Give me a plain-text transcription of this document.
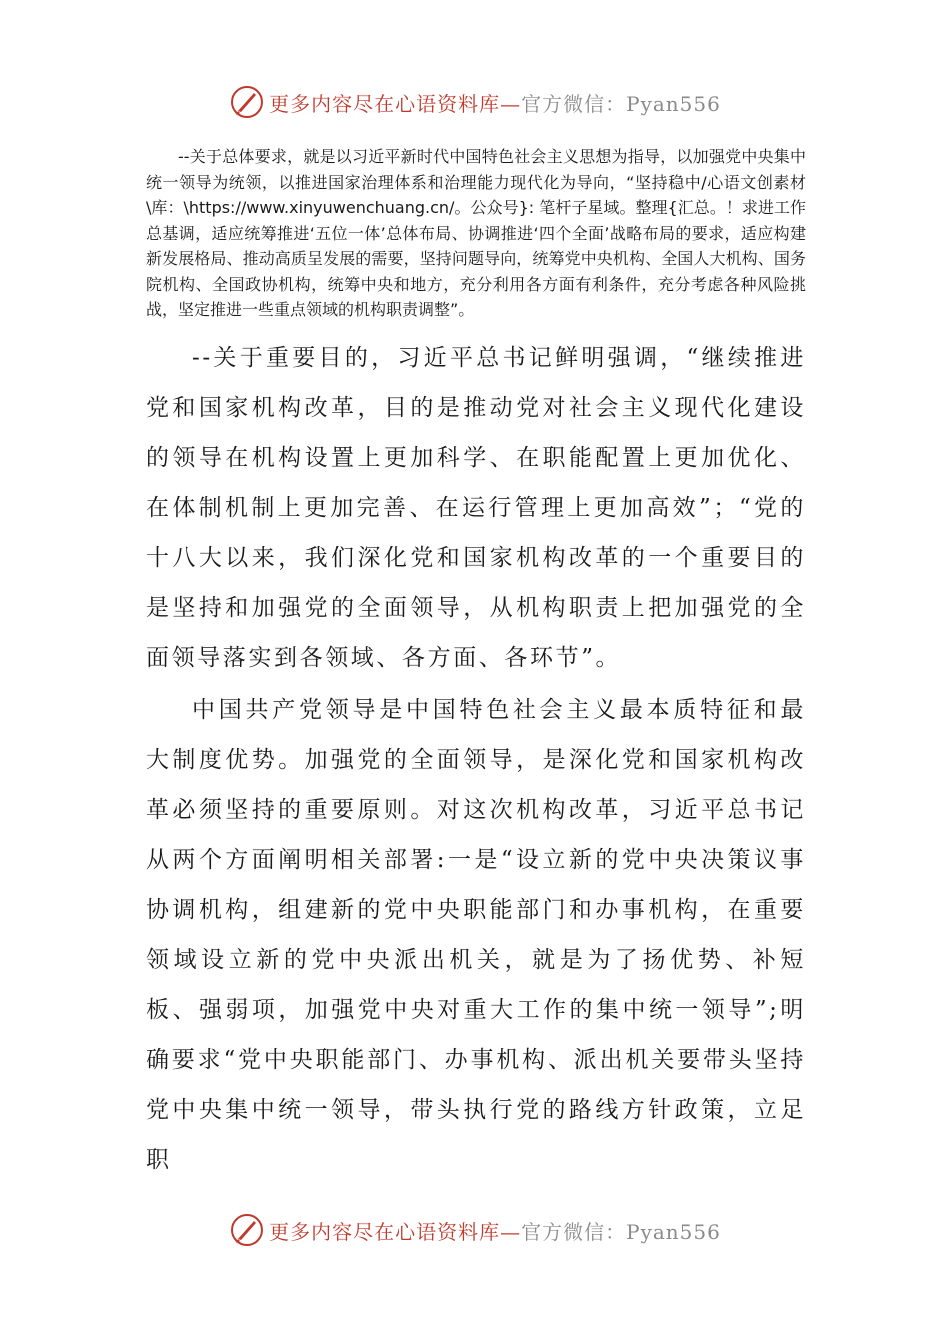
更多内容尽在心语资料库—官方微信：Pyan556

--关于总体要求，就是以习近平新时代中国特色社会主义思想为指导，以加强党中央集中统一领导为统领，以推进国家治理体系和治理能力现代化为导向，“坚持稳中/心语文创素材\库：\https://www.xinyuwenchuang.cn/。公众号}: 笔杆子星域。整理{汇总。！求进工作总基调，适应统筹推进‘五位一体’总体布局、协调推进‘四个全面’战略布局的要求，适应构建新发展格局、推动高质呈发展的需要，坚持问题导向，统筹党中央机构、全国人大机构、国务院机构、全国政协机构，统筹中央和地方，充分利用各方面有利条件，充分考虑各种风险挑战，坚定推进一些重点领域的机构职责调整”。

--关于重要目的，习近平总书记鲜明强调，“继续推进党和国家机构改革，目的是推动党对社会主义现代化建设的领导在机构设置上更加科学、在职能配置上更加优化、在体制机制上更加完善、在运行管理上更加高效”；“党的十八大以来，我们深化党和国家机构改革的一个重要目的是坚持和加强党的全面领导，从机构职责上把加强党的全面领导落实到各领域、各方面、各环节”。

中国共产党领导是中国特色社会主义最本质特征和最大制度优势。加强党的全面领导，是深化党和国家机构改革必须坚持的重要原则。对这次机构改革，习近平总书记从两个方面阐明相关部署:一是“设立新的党中央决策议事协调机构，组建新的党中央职能部门和办事机构，在重要领域设立新的党中央派出机关，就是为了扬优势、补短板、强弱项，加强党中央对重大工作的集中统一领导”;明确要求“党中央职能部门、办事机构、派出机关要带头坚持党中央集中统一领导，带头执行党的路线方针政策，立足职

更多内容尽在心语资料库—官方微信：Pyan556
